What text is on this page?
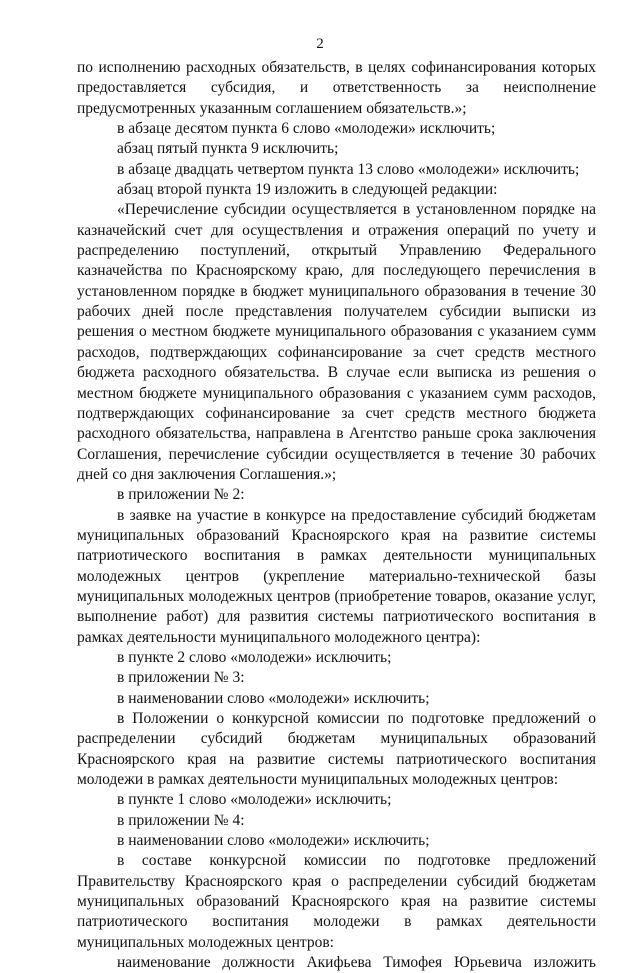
2

по исполнению расходных обязательств, в целях софинансирования которых предоставляется субсидия, и ответственность за неисполнение предусмотренных указанным соглашением обязательств.»;

в абзаце десятом пункта 6 слово «молодежи» исключить;

абзац пятый пункта 9 исключить;

в абзаце двадцать четвертом пункта 13 слово «молодежи» исключить;

абзац второй пункта 19 изложить в следующей редакции:

«Перечисление субсидии осуществляется в установленном порядке на казначейский счет для осуществления и отражения операций по учету и распределению поступлений, открытый Управлению Федерального казначейства по Красноярскому краю, для последующего перечисления в установленном порядке в бюджет муниципального образования в течение 30 рабочих дней после представления получателем субсидии выписки из решения о местном бюджете муниципального образования с указанием сумм расходов, подтверждающих софинансирование за счет средств местного бюджета расходного обязательства. В случае если выписка из решения о местном бюджете муниципального образования с указанием сумм расходов, подтверждающих софинансирование за счет средств местного бюджета расходного обязательства, направлена в Агентство раньше срока заключения Соглашения, перечисление субсидии осуществляется в течение 30 рабочих дней со дня заключения Соглашения.»;

в приложении № 2:

в заявке на участие в конкурсе на предоставление субсидий бюджетам муниципальных образований Красноярского края на развитие системы патриотического воспитания в рамках деятельности муниципальных молодежных центров (укрепление материально-технической базы муниципальных молодежных центров (приобретение товаров, оказание услуг, выполнение работ) для развития системы патриотического воспитания в рамках деятельности муниципального молодежного центра):

в пункте 2 слово «молодежи» исключить;

в приложении № 3:

в наименовании слово «молодежи» исключить;

в Положении о конкурсной комиссии по подготовке предложений о распределении субсидий бюджетам муниципальных образований Красноярского края на развитие системы патриотического воспитания молодежи в рамках деятельности муниципальных молодежных центров:

в пункте 1 слово «молодежи» исключить;

в приложении № 4:

в наименовании слово «молодежи» исключить;

в составе конкурсной комиссии по подготовке предложений Правительству Красноярского края о распределении субсидий бюджетам муниципальных образований Красноярского края на развитие системы патриотического воспитания молодежи в рамках деятельности муниципальных молодежных центров:

наименование должности Акифьева Тимофея Юрьевича изложить
